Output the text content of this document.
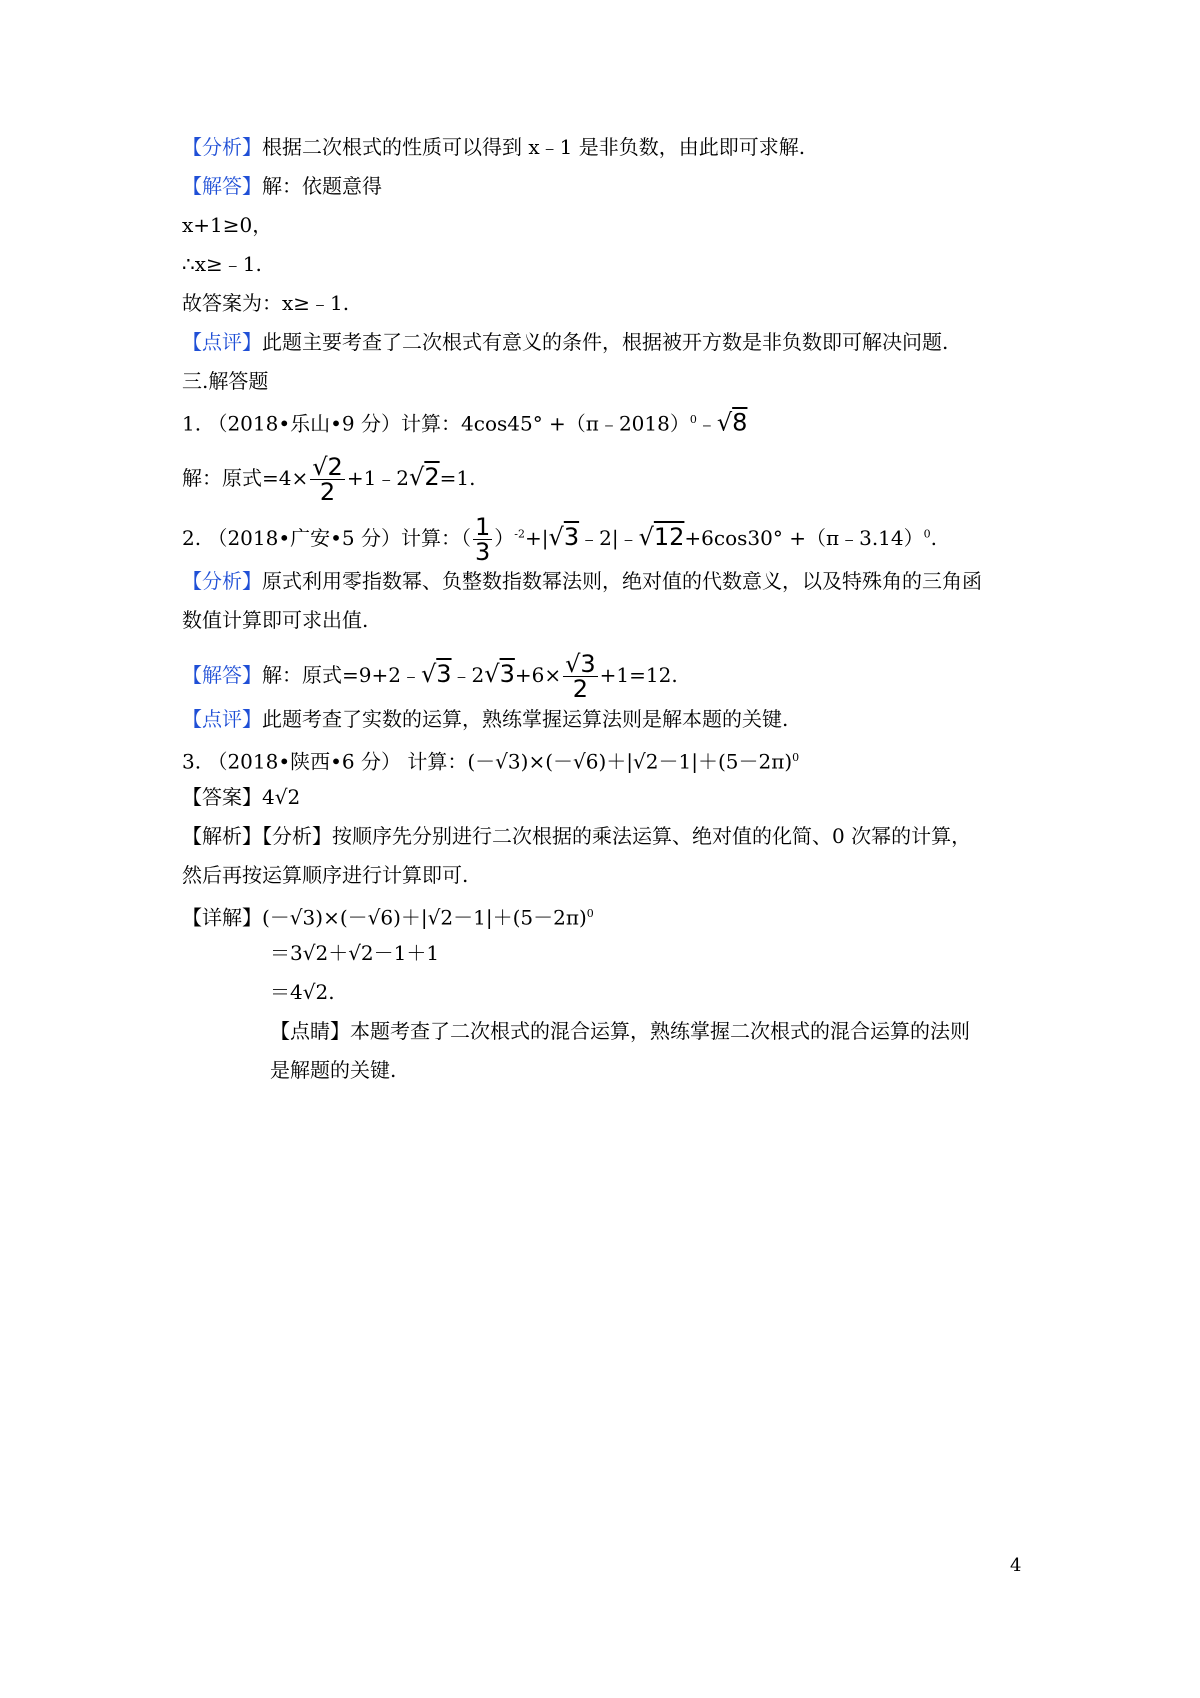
【分析】根据二次根式的性质可以得到 x﹣1 是非负数，由此即可求解.
【解答】解：依题意得
x+1≥0，
∴x≥﹣1.
故答案为：x≥﹣1.
【点评】此题主要考查了二次根式有意义的条件，根据被开方数是非负数即可解决问题.
三.解答题
1. （2018•乐山•9 分）计算：4cos45° +（π﹣2018）$^0$﹣√8
解：原式$=4\times \frac{√2}{2}$ +1﹣2√2=1.
2. （2018•广安•5 分）计算：（ $\frac{1}{3}$ ）$^{-2}$+|√3﹣2|﹣√12+6cos30° +（π﹣3.14）$^0$.
【分析】原式利用零指数幂、负整数指数幂法则，绝对值的代数意义，以及特殊角的三角函
数值计算即可求出值.
【解答】解：原式=9+2﹣√3﹣2√3+6× $\frac{√3}{2} +1=12$.
【点评】此题考查了实数的运算，熟练掌握运算法则是解本题的关键.
3. （2018•陕西•6 分） 计算：$(-√3)\times(-√6)+|√2-1|+(5-2\pi)^0$
【答案】4√2
【解析】【分析】按顺序先分别进行二次根据的乘法运算、绝对值的化简、0 次幂的计算，
然后再按运算顺序进行计算即可.
【详解】$(-√3)\times(-√6)+|√2-1|+(5-2\pi)^0$
＝3√2＋√2－1＋1
＝4√2.
【点睛】本题考查了二次根式的混合运算，熟练掌握二次根式的混合运算的法则
是解题的关键.
4
